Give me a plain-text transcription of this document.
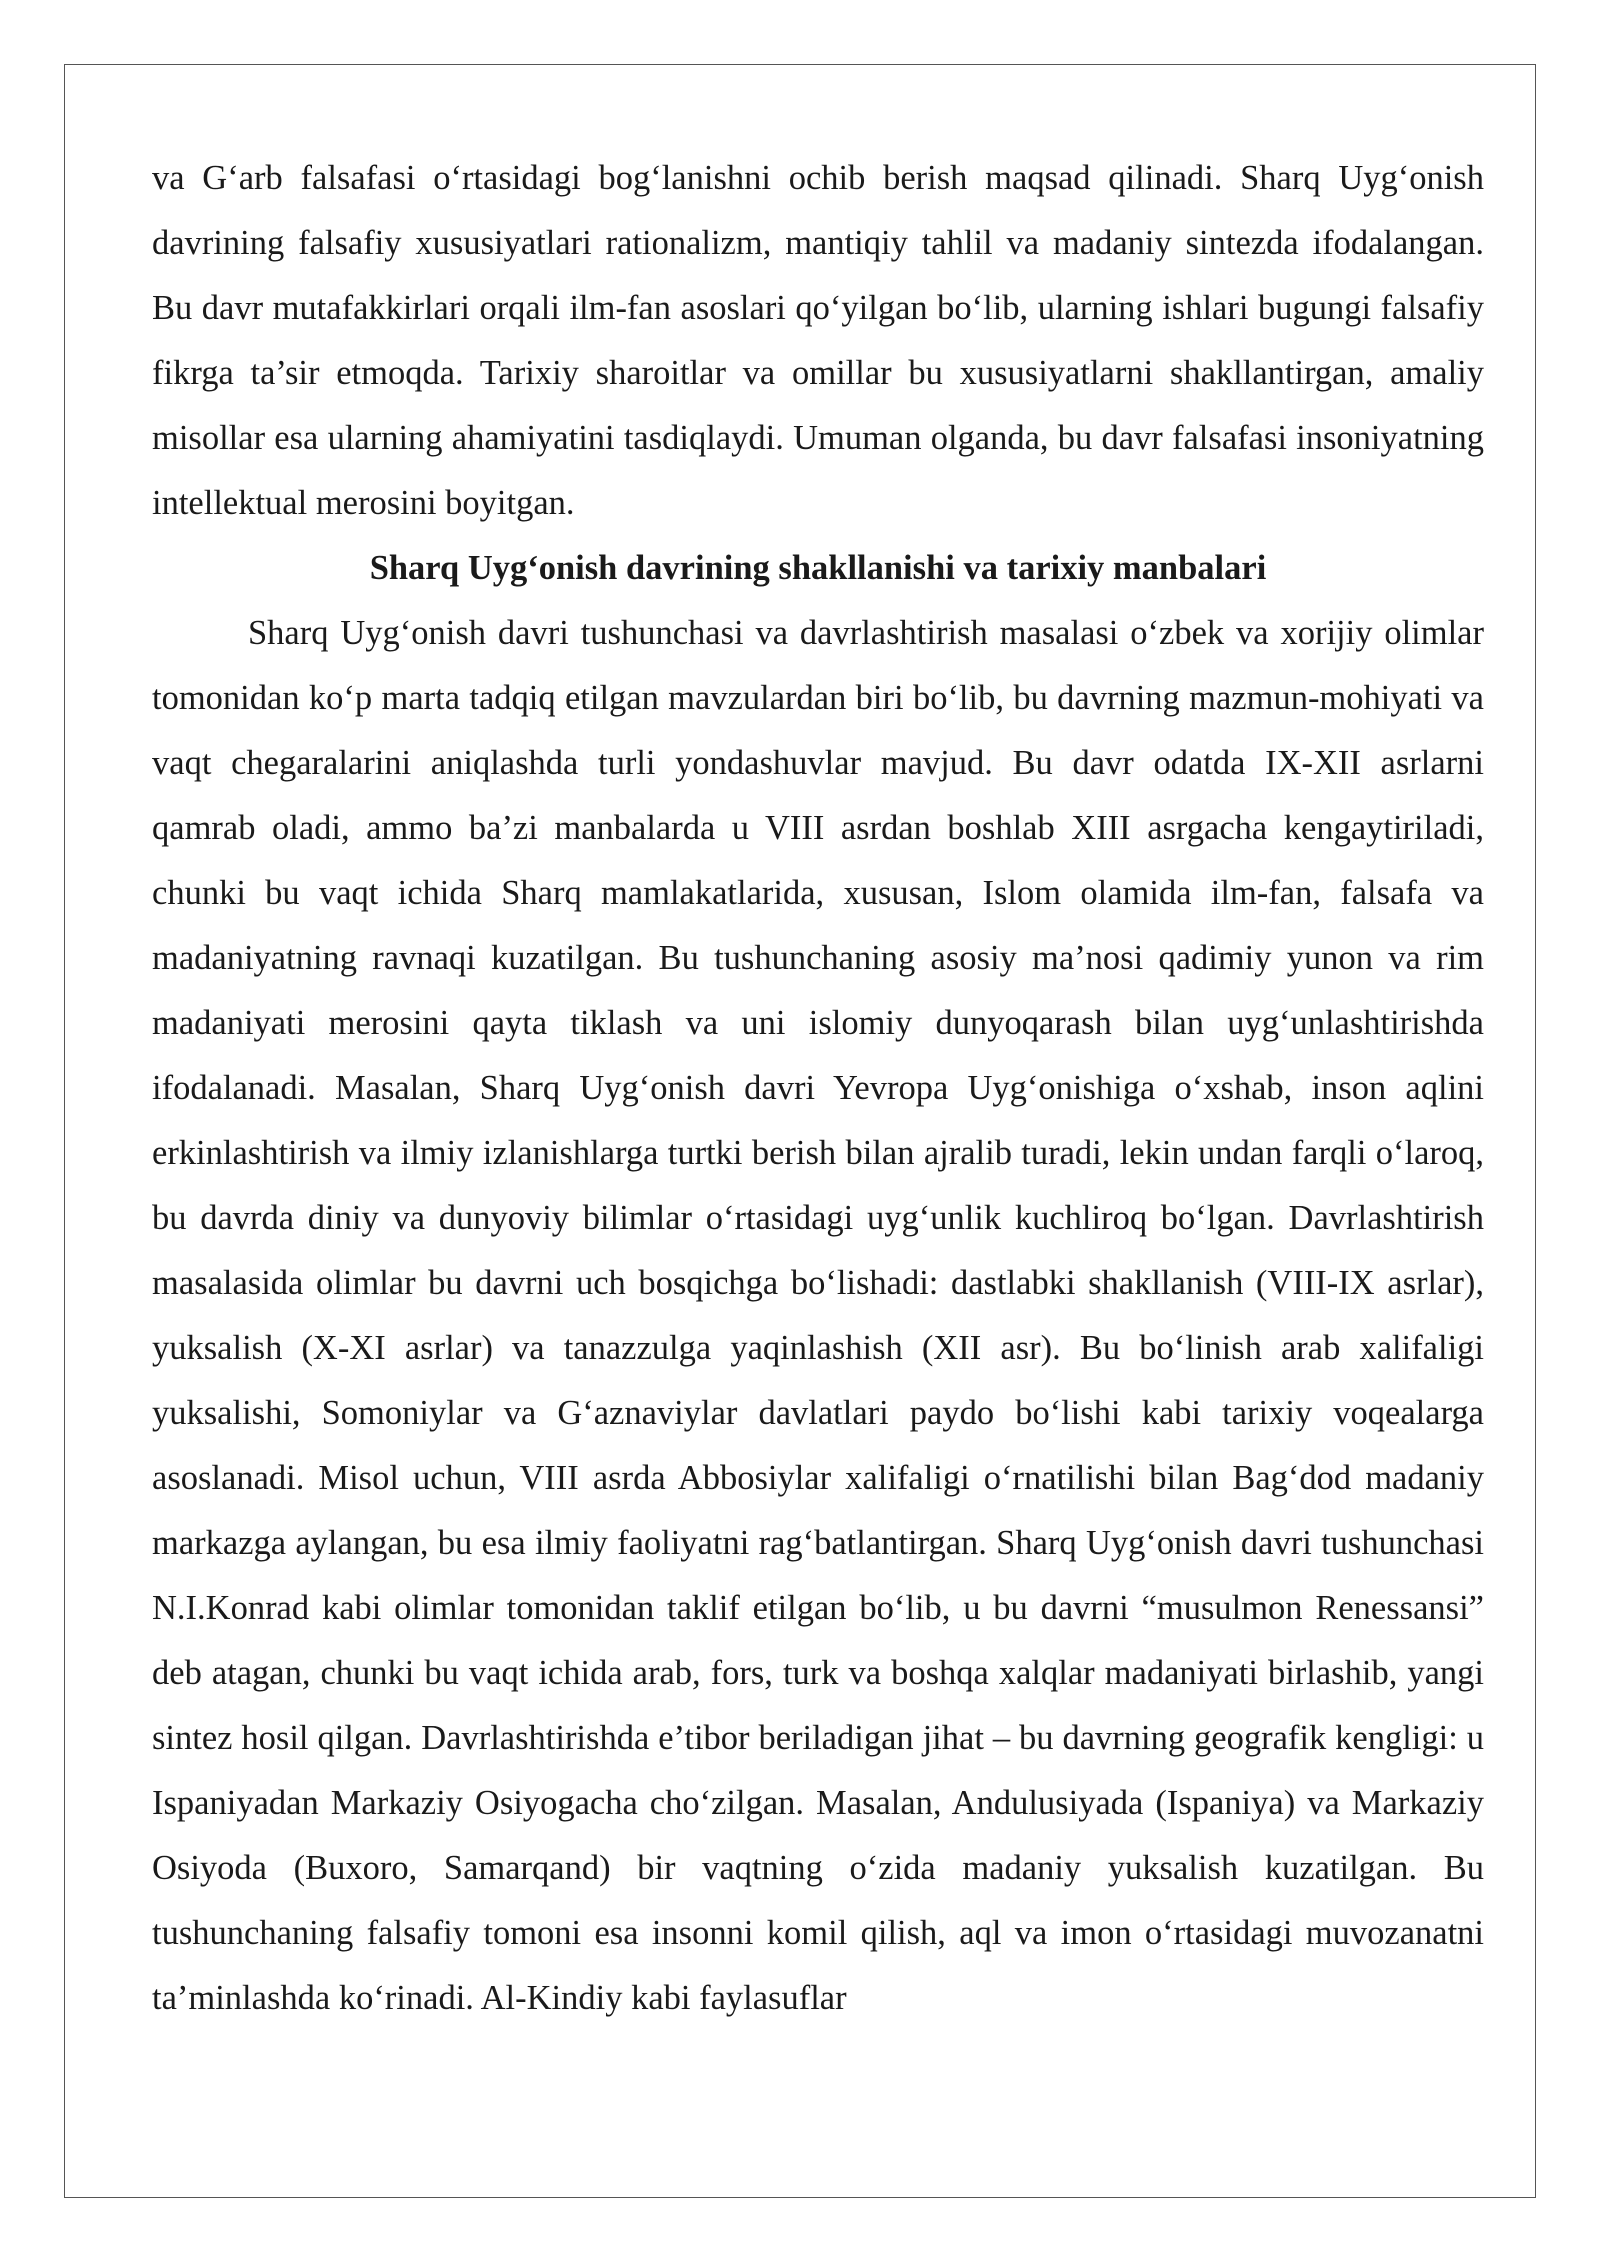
va G‘arb falsafasi o‘rtasidagi bog‘lanishni ochib berish maqsad qilinadi. Sharq Uyg‘onish davrining falsafiy xususiyatlari rationalizm, mantiqiy tahlil va madaniy sintezda ifodalangan. Bu davr mutafakkirlari orqali ilm-fan asoslari qo‘yilgan bo‘lib, ularning ishlari bugungi falsafiy fikrga ta’sir etmoqda. Tarixiy sharoitlar va omillar bu xususiyatlarni shakllantirgan, amaliy misollar esa ularning ahamiyatini tasdiqlaydi. Umuman olganda, bu davr falsafasi insoniyatning intellektual merosini boyitgan.

Sharq Uyg‘onish davrining shakllanishi va tarixiy manbalari

Sharq Uyg‘onish davri tushunchasi va davrlashtirish masalasi o‘zbek va xorijiy olimlar tomonidan ko‘p marta tadqiq etilgan mavzulardan biri bo‘lib, bu davrning mazmun-mohiyati va vaqt chegaralarini aniqlashda turli yondashuvlar mavjud. Bu davr odatda IX-XII asrlarni qamrab oladi, ammo ba’zi manbalarda u VIII asrdan boshlab XIII asrgacha kengaytiriladi, chunki bu vaqt ichida Sharq mamlakatlarida, xususan, Islom olamida ilm-fan, falsafa va madaniyatning ravnaqi kuzatilgan. Bu tushunchaning asosiy ma’nosi qadimiy yunon va rim madaniyati merosini qayta tiklash va uni islomiy dunyoqarash bilan uyg‘unlashtirishda ifodalanadi. Masalan, Sharq Uyg‘onish davri Yevropa Uyg‘onishiga o‘xshab, inson aqlini erkinlashtirish va ilmiy izlanishlarga turtki berish bilan ajralib turadi, lekin undan farqli o‘laroq, bu davrda diniy va dunyoviy bilimlar o‘rtasidagi uyg‘unlik kuchliroq bo‘lgan. Davrlashtirish masalasida olimlar bu davrni uch bosqichga bo‘lishadi: dastlabki shakllanish (VIII-IX asrlar), yuksalish (X-XI asrlar) va tanazzulga yaqinlashish (XII asr). Bu bo‘linish arab xalifaligi yuksalishi, Somoniylar va G‘aznaviylar davlatlari paydo bo‘lishi kabi tarixiy voqealarga asoslanadi. Misol uchun, VIII asrda Abbosiylar xalifaligi o‘rnatilishi bilan Bag‘dod madaniy markazga aylangan, bu esa ilmiy faoliyatni rag‘batlantirgan. Sharq Uyg‘onish davri tushunchasi N.I.Konrad kabi olimlar tomonidan taklif etilgan bo‘lib, u bu davrni “musulmon Renessansi” deb atagan, chunki bu vaqt ichida arab, fors, turk va boshqa xalqlar madaniyati birlashib, yangi sintez hosil qilgan. Davrlashtirishda e’tibor beriladigan jihat – bu davrning geografik kengligi: u Ispaniyadan Markaziy Osiyogacha cho‘zilgan. Masalan, Andulusiyada (Ispaniya) va Markaziy Osiyoda (Buxoro, Samarqand) bir vaqtning o‘zida madaniy yuksalish kuzatilgan. Bu tushunchaning falsafiy tomoni esa insonni komil qilish, aql va imon o‘rtasidagi muvozanatni ta’minlashda ko‘rinadi. Al-Kindiy kabi faylasuflar
